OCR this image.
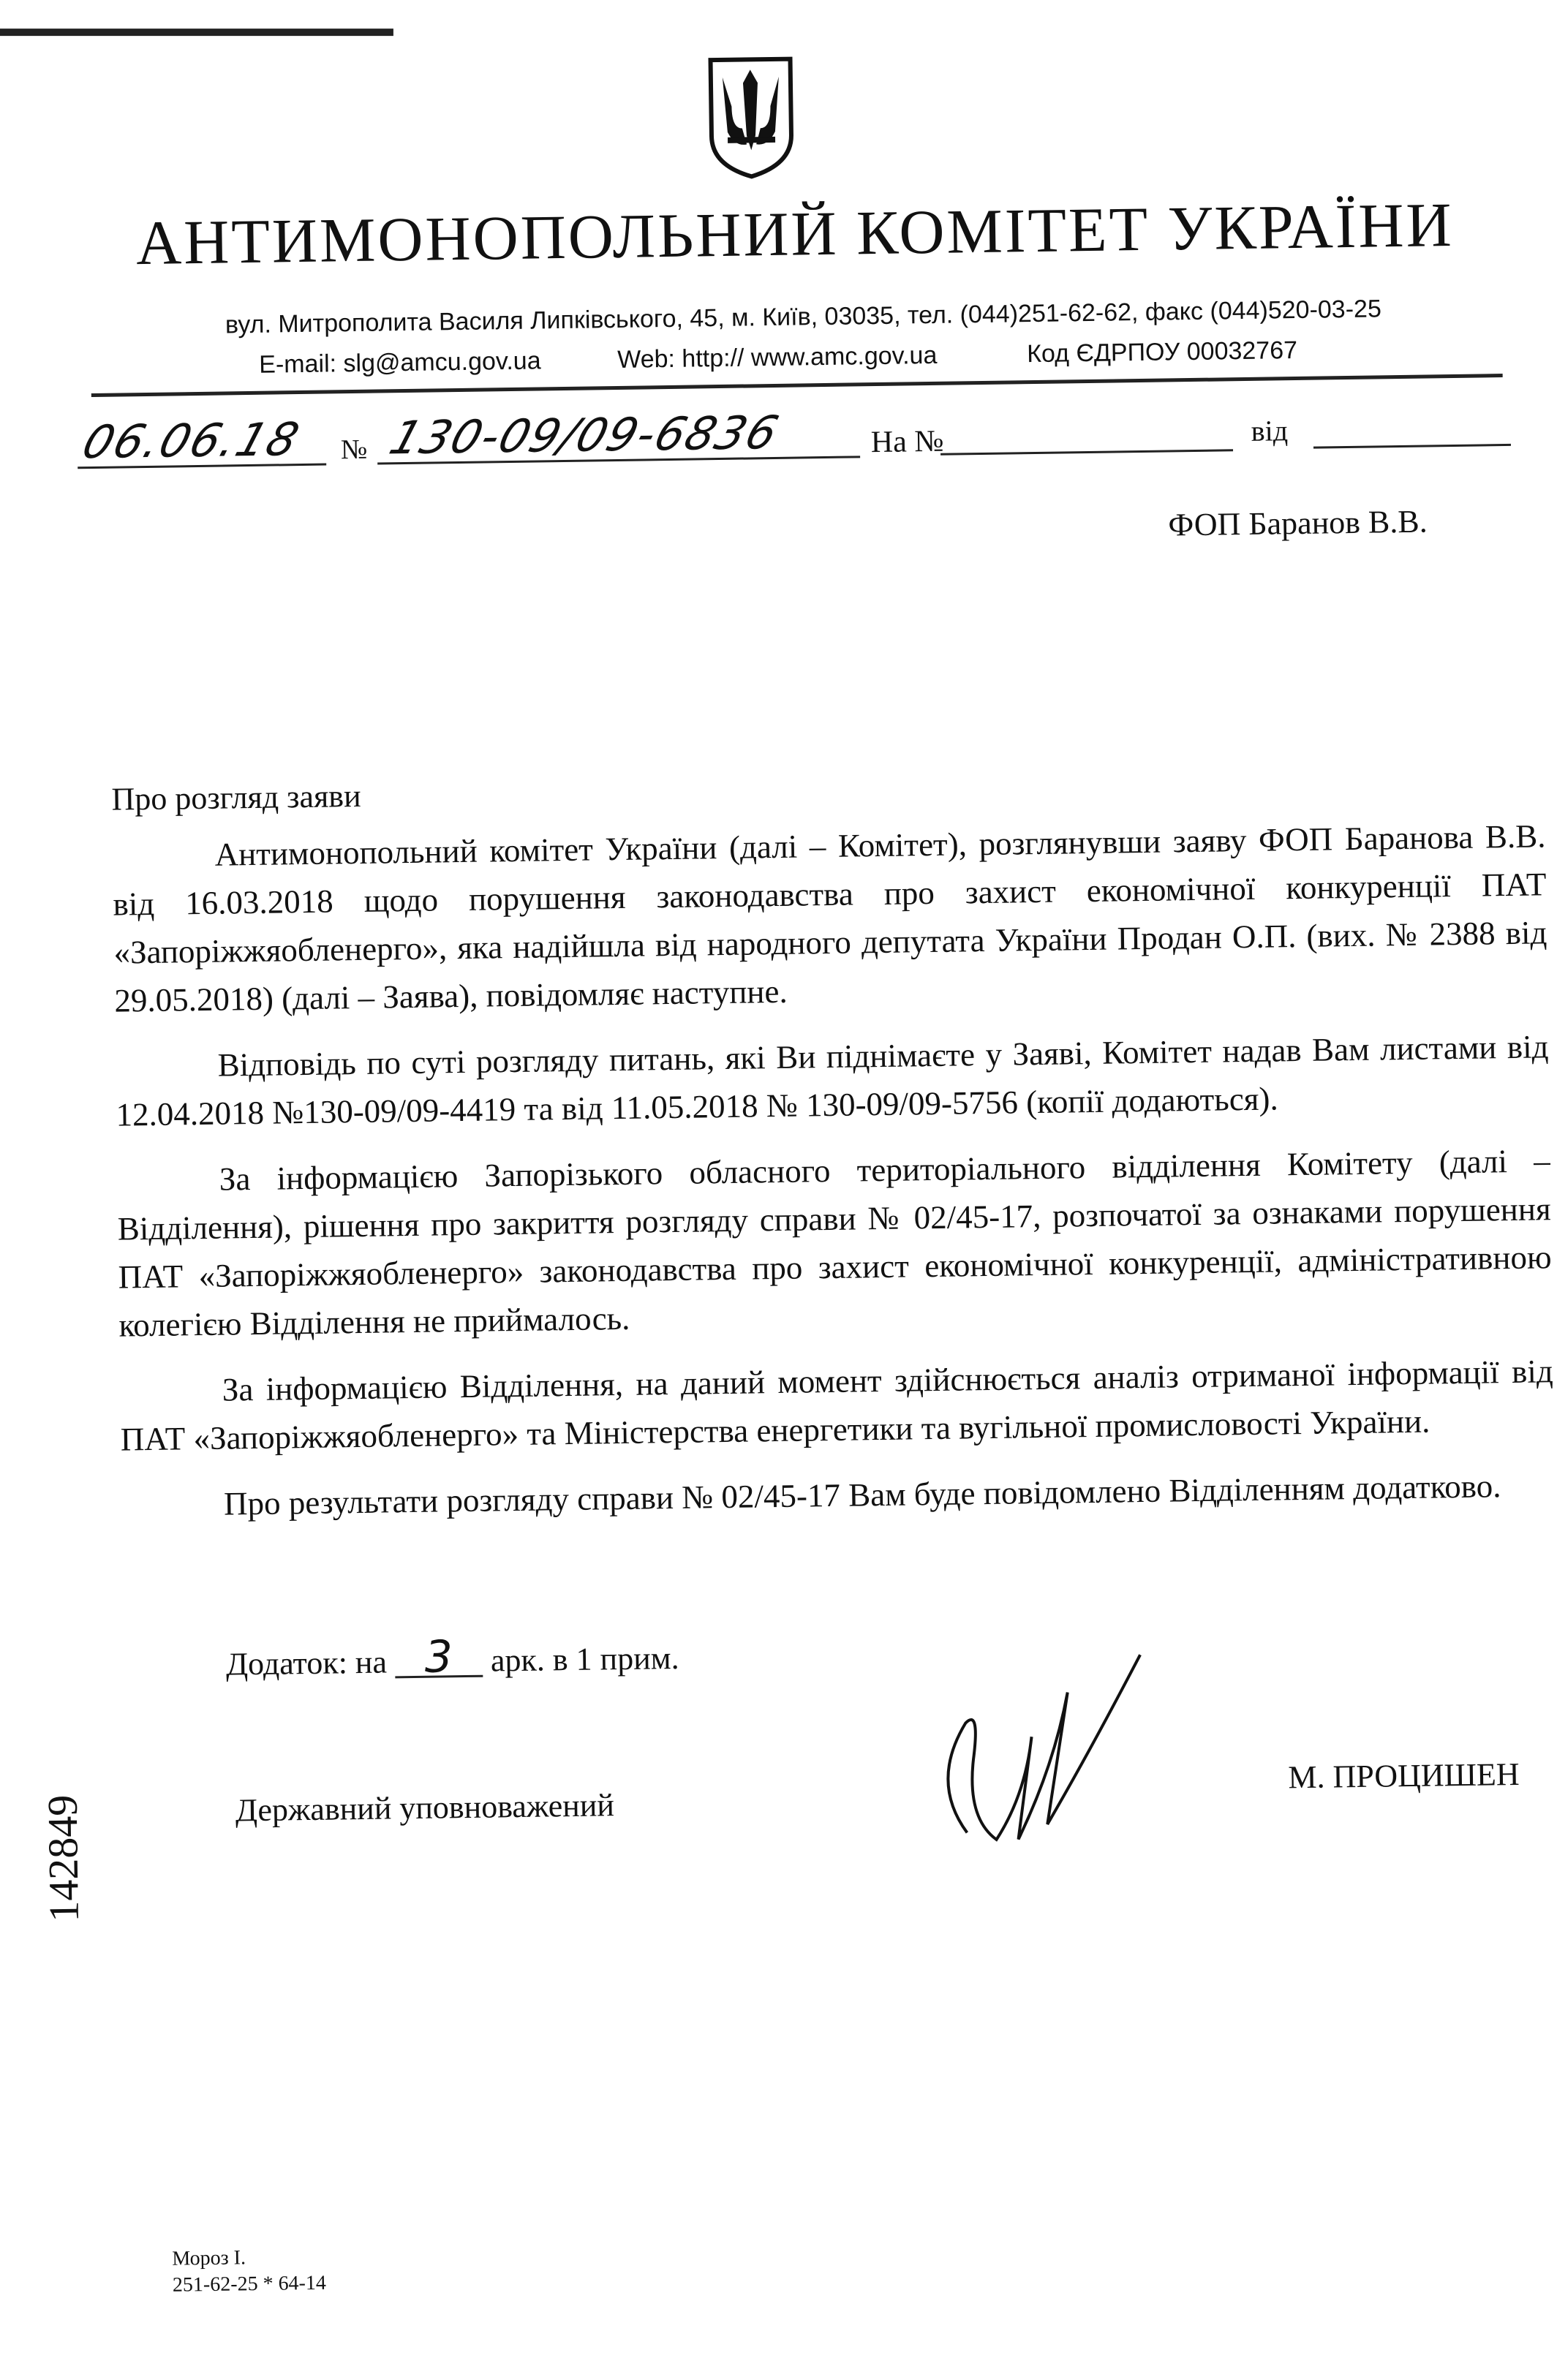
АНТИМОНОПОЛЬНИЙ КОМІТЕТ УКРАЇНИ
вул. Митрополита Василя Липківського, 45, м. Київ, 03035, тел. (044)251-62-62, факс (044)520-03-25
E-mail: slg@amcu.gov.ua	Web: http:// www.amc.gov.ua	Код ЄДРПОУ 00032767
06.06.18 № 130-09/09-6836	На №	від
ФОП Баранов В.В.
Про розгляд заяви

Антимонопольний комітет України (далі – Комітет), розглянувши заяву ФОП Баранова В.В. від 16.03.2018 щодо порушення законодавства про захист економічної конкуренції ПАТ «Запоріжжяобленерго», яка надійшла від народного депутата України Продан О.П. (вих. № 2388 від 29.05.2018) (далі – Заява), повідомляє наступне.

Відповідь по суті розгляду питань, які Ви піднімаєте у Заяві, Комітет надав Вам листами від 12.04.2018 №130-09/09-4419 та від 11.05.2018 № 130-09/09-5756 (копії додаються).

За інформацією Запорізького обласного територіального відділення Комітету (далі – Відділення), рішення про закриття розгляду справи № 02/45-17, розпочатої за ознаками порушення ПАТ «Запоріжжяобленерго» законодавства про захист економічної конкуренції, адміністративною колегією Відділення не приймалось.

За інформацією Відділення, на даний момент здійснюється аналіз отриманої інформації від ПАТ «Запоріжжяобленерго» та Міністерства енергетики та вугільної промисловості України.

Про результати розгляду справи № 02/45-17 Вам буде повідомлено Відділенням додатково.

Додаток: на 3 арк. в 1 прим.
Державний уповноважений
М. ПРОЦИШЕН
142849
Мороз І.
251-62-25 * 64-14
